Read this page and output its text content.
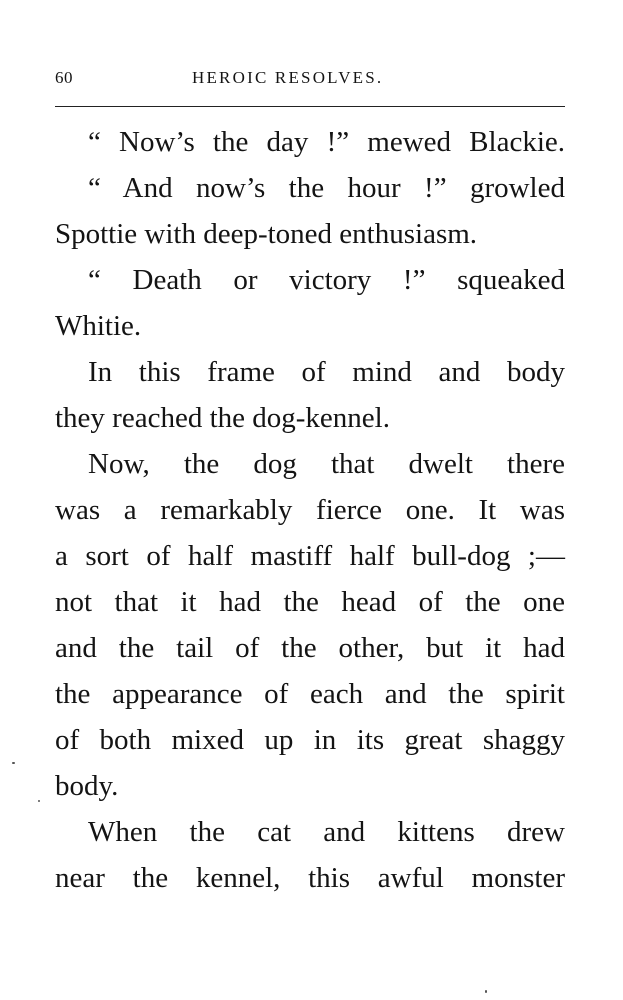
60	HEROIC RESOLVES.
“ Now’s the day !” mewed Blackie.
“ And now’s the hour !” growled
Spottie with deep-toned enthusiasm.
“ Death or victory !” squeaked
Whitie.
In this frame of mind and body
they reached the dog-kennel.
Now, the dog that dwelt there
was a remarkably fierce one. It was
a sort of half mastiff half bull-dog ;—
not that it had the head of the one
and the tail of the other, but it had
the appearance of each and the spirit
of both mixed up in its great shaggy
body.
When the cat and kittens drew
near the kennel, this awful monster
